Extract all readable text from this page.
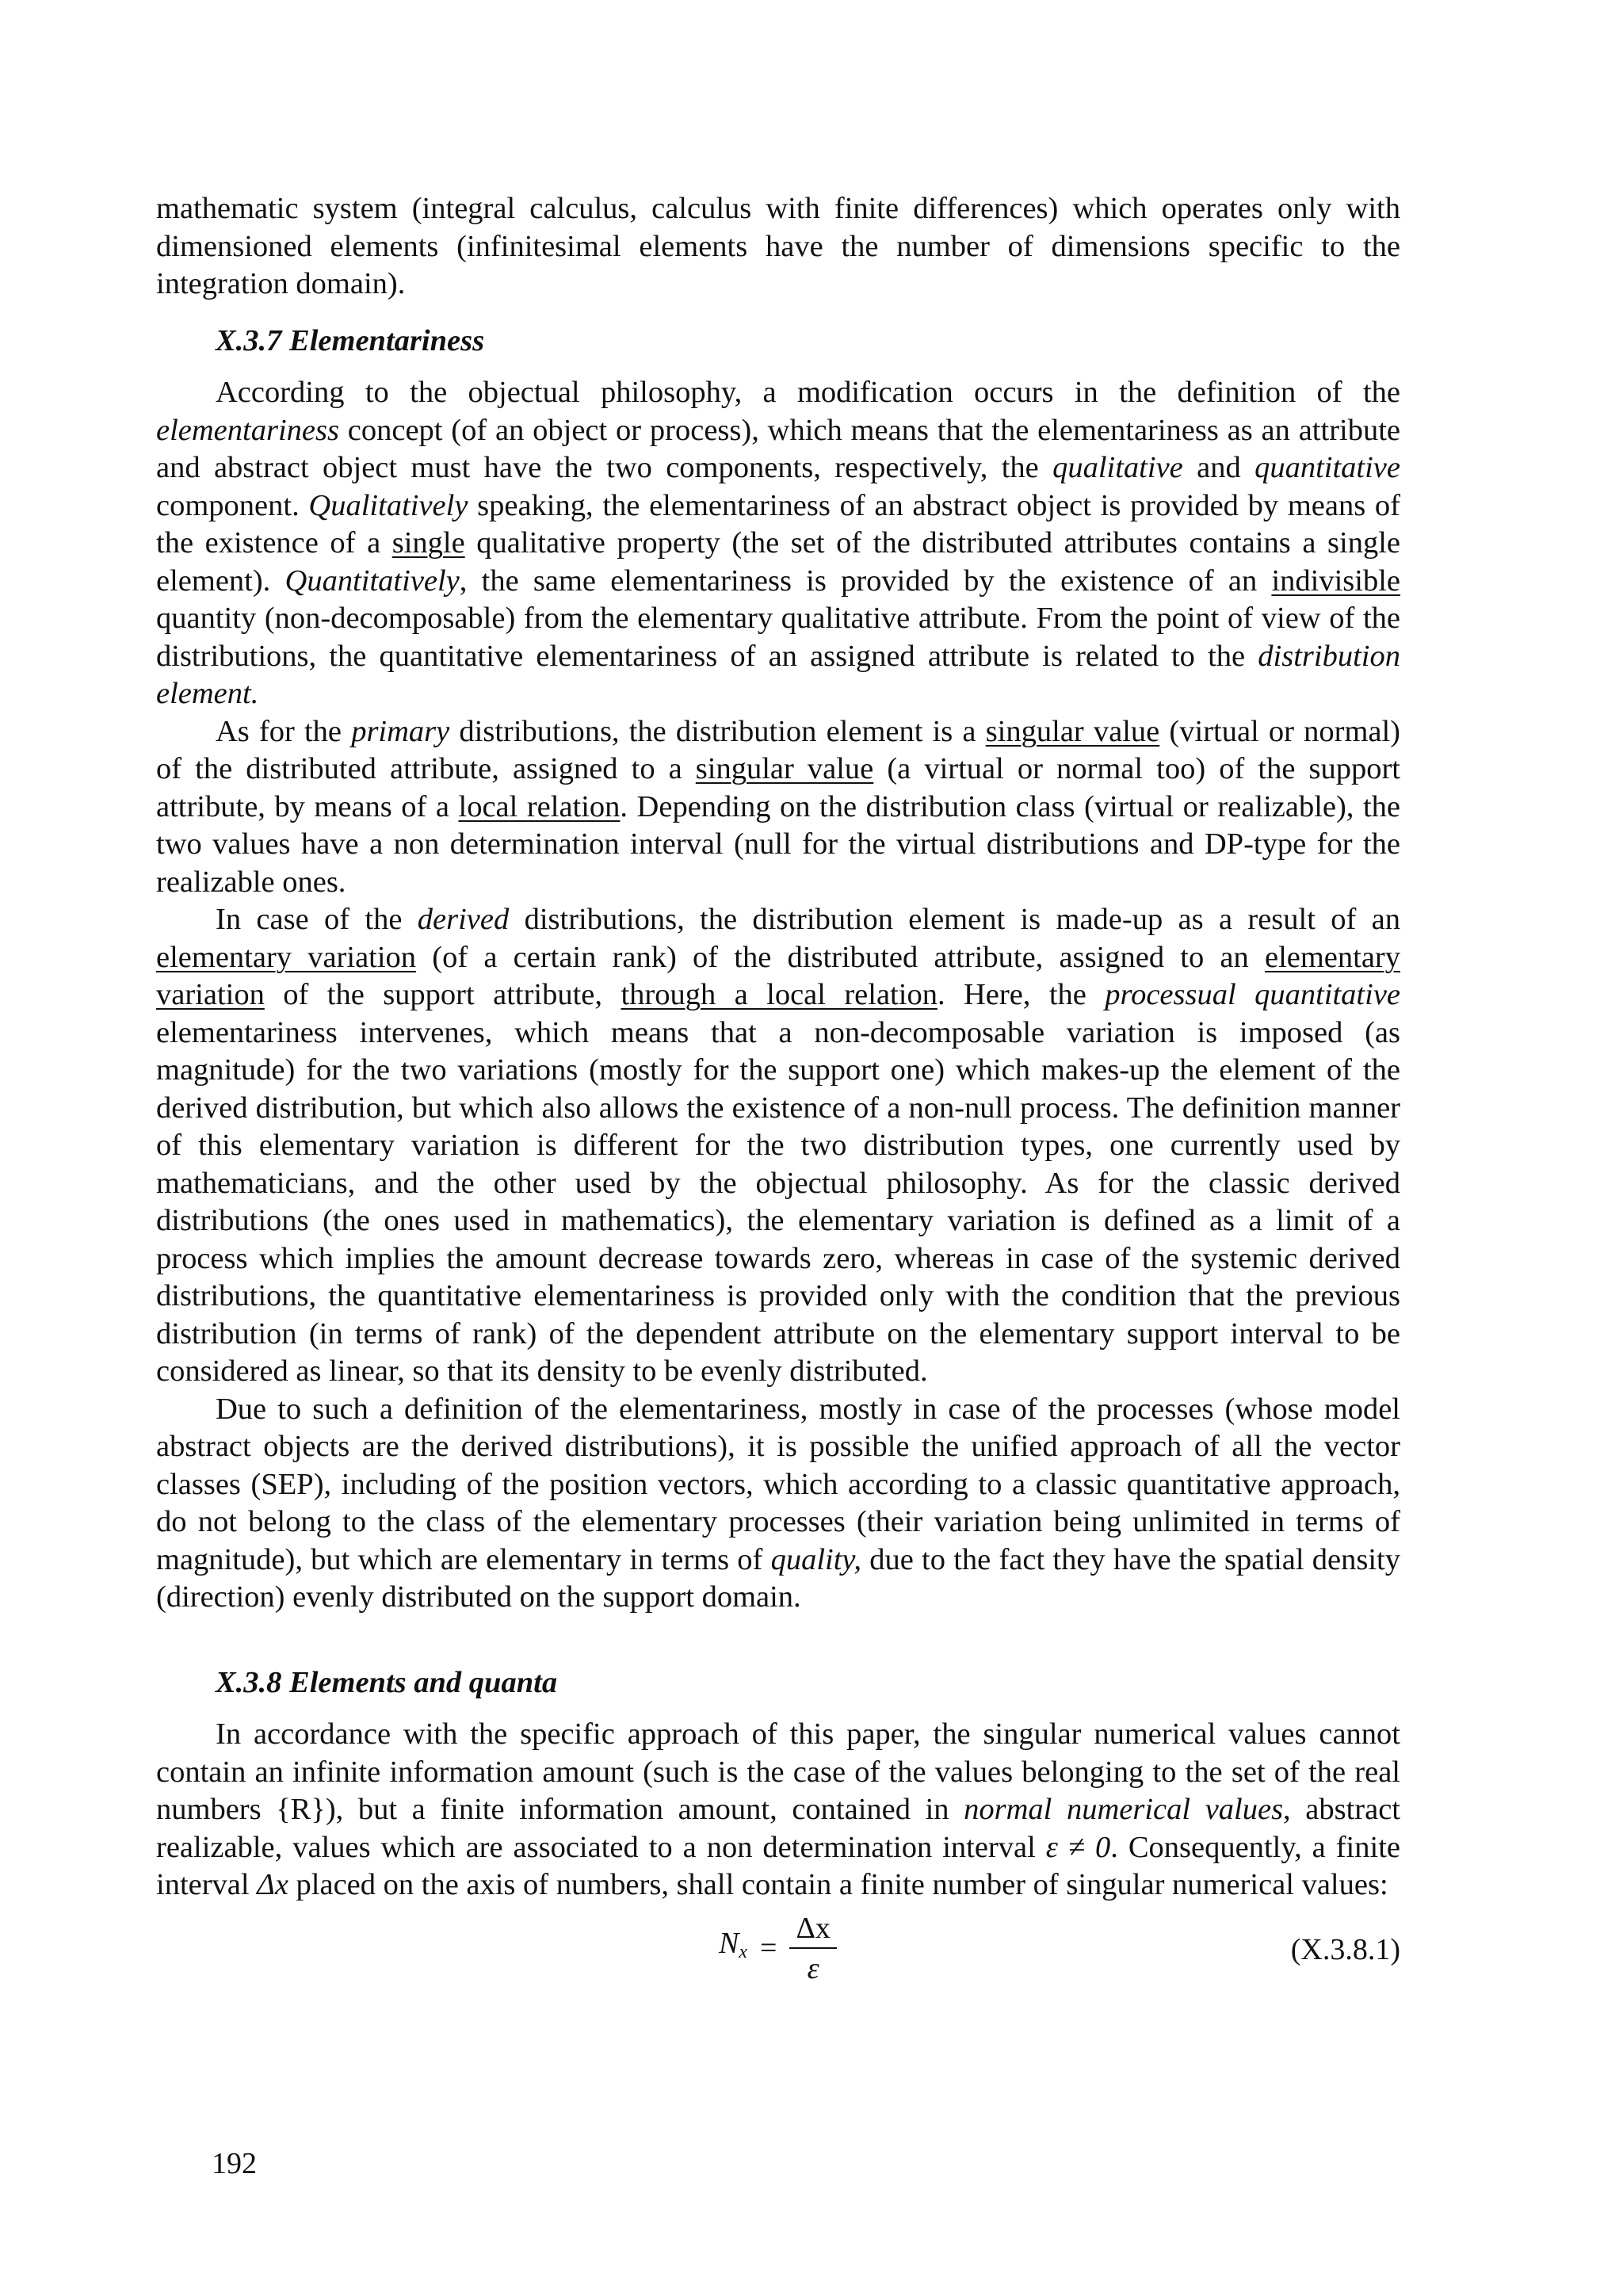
mathematic system (integral calculus, calculus with finite differences) which operates only with dimensioned elements (infinitesimal elements have the number of dimensions specific to the integration domain).

X.3.7 Elementariness

According to the objectual philosophy, a modification occurs in the definition of the elementariness concept (of an object or process), which means that the elementariness as an attribute and abstract object must have the two components, respectively, the qualitative and quantitative component. Qualitatively speaking, the elementariness of an abstract object is provided by means of the existence of a single qualitative property (the set of the distributed attributes contains a single element). Quantitatively, the same elementariness is provided by the existence of an indivisible quantity (non-decomposable) from the elementary qualitative attribute. From the point of view of the distributions, the quantitative elementariness of an assigned attribute is related to the distribution element.

As for the primary distributions, the distribution element is a singular value (virtual or normal) of the distributed attribute, assigned to a singular value (a virtual or normal too) of the support attribute, by means of a local relation. Depending on the distribution class (virtual or realizable), the two values have a non determination interval (null for the virtual distributions and DP-type for the realizable ones.

In case of the derived distributions, the distribution element is made-up as a result of an elementary variation (of a certain rank) of the distributed attribute, assigned to an elementary variation of the support attribute, through a local relation. Here, the processual quantitative elementariness intervenes, which means that a non-decomposable variation is imposed (as magnitude) for the two variations (mostly for the support one) which makes-up the element of the derived distribution, but which also allows the existence of a non-null process. The definition manner of this elementary variation is different for the two distribution types, one currently used by mathematicians, and the other used by the objectual philosophy. As for the classic derived distributions (the ones used in mathematics), the elementary variation is defined as a limit of a process which implies the amount decrease towards zero, whereas in case of the systemic derived distributions, the quantitative elementariness is provided only with the condition that the previous distribution (in terms of rank) of the dependent attribute on the elementary support interval to be considered as linear, so that its density to be evenly distributed.

Due to such a definition of the elementariness, mostly in case of the processes (whose model abstract objects are the derived distributions), it is possible the unified approach of all the vector classes (SEP), including of the position vectors, which according to a classic quantitative approach, do not belong to the class of the elementary processes (their variation being unlimited in terms of magnitude), but which are elementary in terms of quality, due to the fact they have the spatial density (direction) evenly distributed on the support domain.

X.3.8 Elements and quanta

In accordance with the specific approach of this paper, the singular numerical values cannot contain an infinite information amount (such is the case of the values belonging to the set of the real numbers {R}), but a finite information amount, contained in normal numerical values, abstract realizable, values which are associated to a non determination interval ε ≠ 0. Consequently, a finite interval Δx placed on the axis of numbers, shall contain a finite number of singular numerical values:

$N_x = \frac{\Delta x}{\varepsilon}$	(X.3.8.1)
192
